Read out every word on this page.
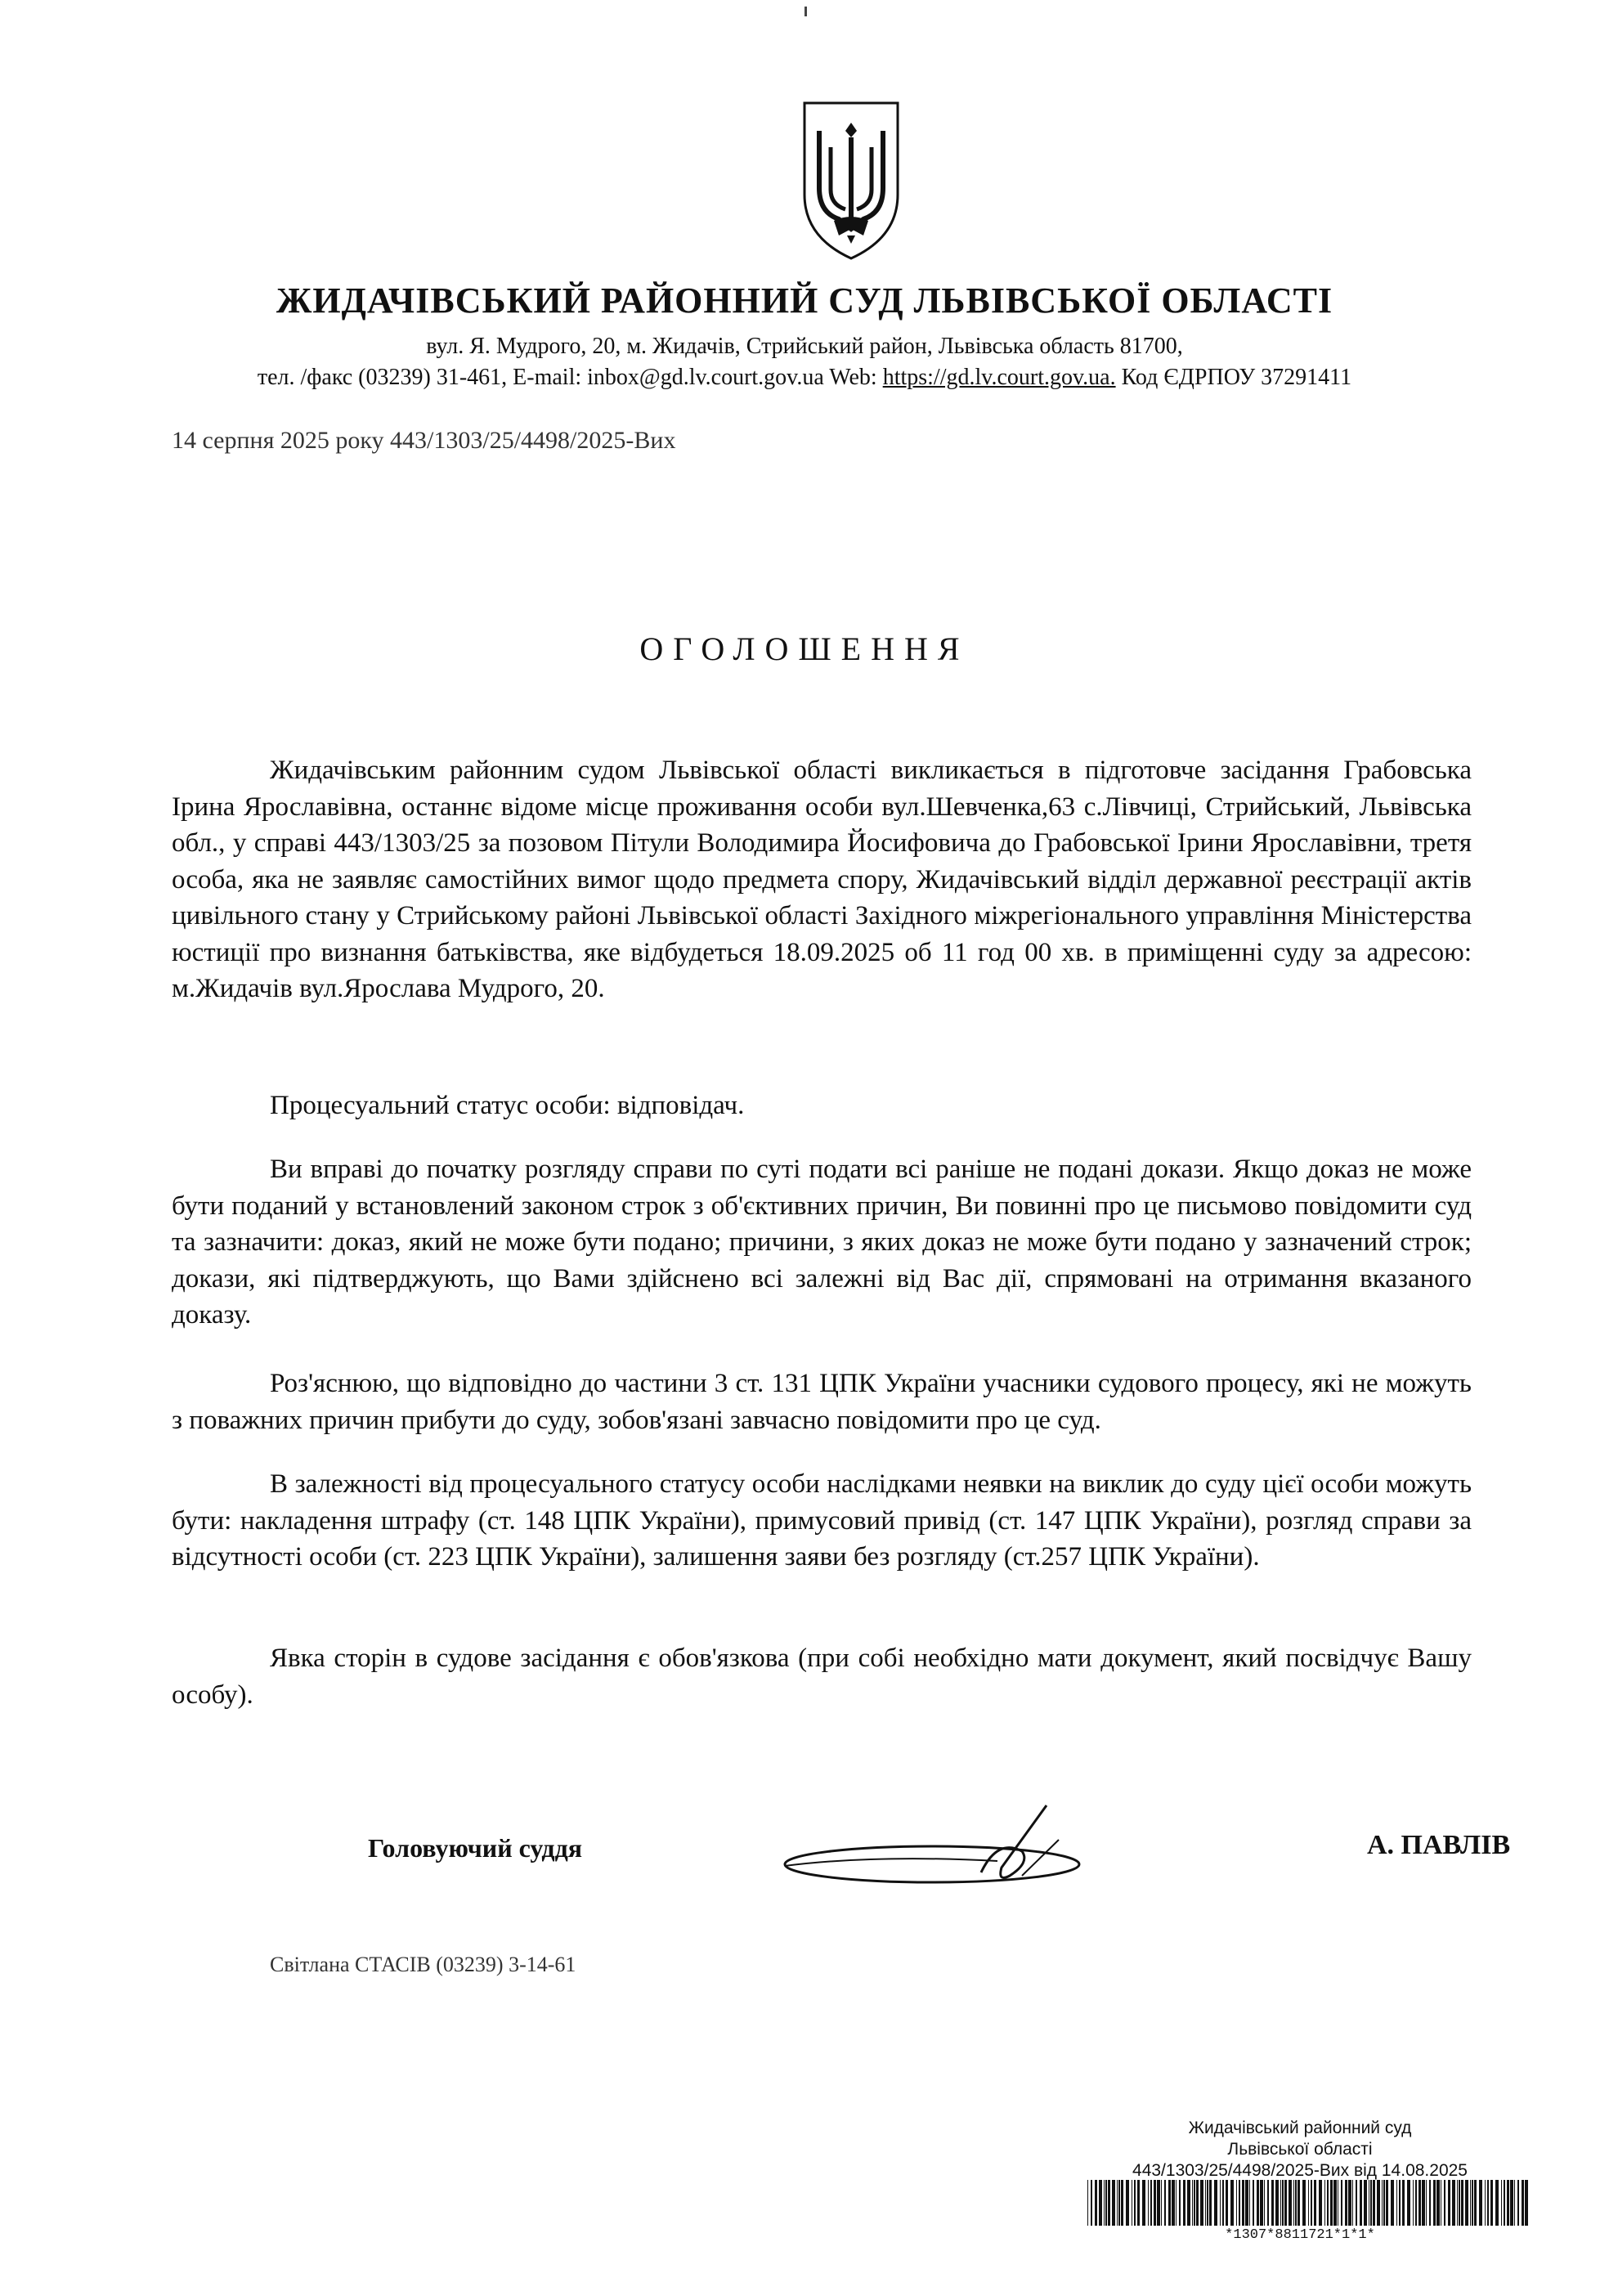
ЖИДАЧІВСЬКИЙ РАЙОННИЙ СУД ЛЬВІВСЬКОЇ ОБЛАСТІ
вул. Я. Мудрого, 20, м. Жидачів, Стрийський район, Львівська область 81700,
тел. /факс (03239) 31-461, E-mail: inbox@gd.lv.court.gov.ua Web: https://gd.lv.court.gov.ua. Код ЄДРПОУ 37291411
14 серпня 2025 року 443/1303/25/4498/2025-Вих
ОГОЛОШЕННЯ
Жидачівським районним судом Львівської області викликається в підготовче засідання Грабовська Ірина Ярославівна, останнє відоме місце проживання особи вул.Шевченка,63 с.Лівчиці, Стрийський, Львівська обл., у справі 443/1303/25 за позовом Пітули Володимира Йосифовича до Грабовської Ірини Ярославівни, третя особа, яка не заявляє самостійних вимог щодо предмета спору, Жидачівський відділ державної реєстрації актів цивільного стану у Стрийському районі Львівської області Західного міжрегіонального управління Міністерства юстиції про визнання батьківства, яке відбудеться 18.09.2025 об 11 год 00 хв. в приміщенні суду за адресою: м.Жидачів вул.Ярослава Мудрого, 20.
Процесуальний статус особи: відповідач.
Ви вправі до початку розгляду справи по суті подати всі раніше не подані докази. Якщо доказ не може бути поданий у встановлений законом строк з об'єктивних причин, Ви повинні про це письмово повідомити суд та зазначити: доказ, який не може бути подано; причини, з яких доказ не може бути подано у зазначений строк; докази, які підтверджують, що Вами здійснено всі залежні від Вас дії, спрямовані на отримання вказаного доказу.
Роз'яснюю, що відповідно до частини 3 ст. 131 ЦПК України учасники судового процесу, які не можуть з поважних причин прибути до суду, зобов'язані завчасно повідомити про це суд.
В залежності від процесуального статусу особи наслідками неявки на виклик до суду цієї особи можуть бути: накладення штрафу (ст. 148 ЦПК України), примусовий привід (ст. 147 ЦПК України), розгляд справи за відсутності особи (ст. 223 ЦПК України), залишення заяви без розгляду (ст.257 ЦПК України).
Явка сторін в судове засідання є обов'язкова (при собі необхідно мати документ, який посвідчує Вашу особу).
Головуючий суддя	А. ПАВЛІВ
Світлана СТАСІВ (03239) 3-14-61
Жидачівський районний суд
Львівської області
443/1303/25/4498/2025-Вих від 14.08.2025
*1307*8811721*1*1*
